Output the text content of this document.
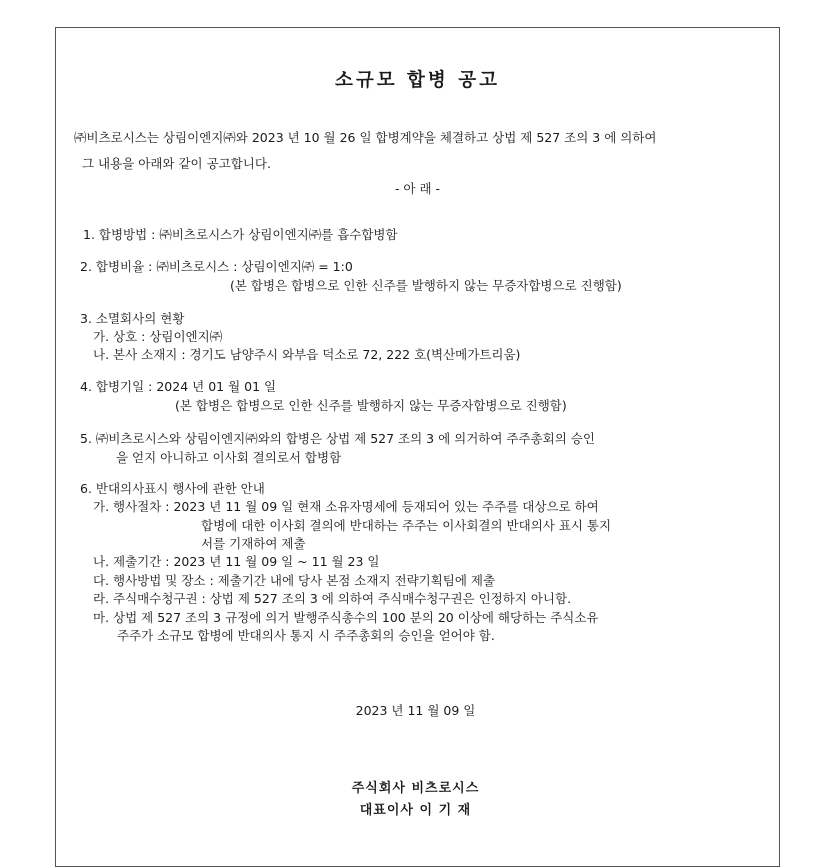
소규모 합병 공고
㈜비츠로시스는 상림이엔지㈜와 2023 년 10 월 26 일 합병계약을 체결하고 상법 제 527 조의 3 에 의하여
그 내용을 아래와 같이 공고합니다.
- 아 래 -
1. 합병방법 : ㈜비츠로시스가 상림이엔지㈜를 흡수합병함
2. 합병비율 : ㈜비츠로시스 : 상림이엔지㈜ = 1:0
(본 합병은 합병으로 인한 신주를 발행하지 않는 무증자합병으로 진행함)
3. 소멸회사의 현황
가. 상호 : 상림이엔지㈜
나. 본사 소재지 : 경기도 남양주시 와부읍 덕소로 72, 222 호(벽산메가트리움)
4. 합병기일 : 2024 년 01 월 01 일
(본 합병은 합병으로 인한 신주를 발행하지 않는 무증자합병으로 진행함)
5. ㈜비츠로시스와 상림이엔지㈜와의 합병은 상법 제 527 조의 3 에 의거하여 주주총회의 승인
을 얻지 아니하고 이사회 결의로서 합병함
6. 반대의사표시 행사에 관한 안내
가. 행사절차 : 2023 년 11 월 09 일 현재 소유자명세에 등재되어 있는 주주를 대상으로 하여
합병에 대한 이사회 결의에 반대하는 주주는 이사회결의 반대의사 표시 통지
서를 기재하여 제출
나. 제출기간 : 2023 년 11 월 09 일 ~ 11 월 23 일
다. 행사방법 및 장소 : 제출기간 내에 당사 본점 소재지 전략기획팀에 제출
라. 주식매수청구권 : 상법 제 527 조의 3 에 의하여 주식매수청구권은 인정하지 아니함.
마. 상법 제 527 조의 3 규정에 의거 발행주식총수의 100 분의 20 이상에 해당하는 주식소유
주주가 소규모 합병에 반대의사 통지 시 주주총회의 승인을 얻어야 함.
2023 년 11 월 09 일
주식회사 비츠로시스
대표이사 이 기 재
